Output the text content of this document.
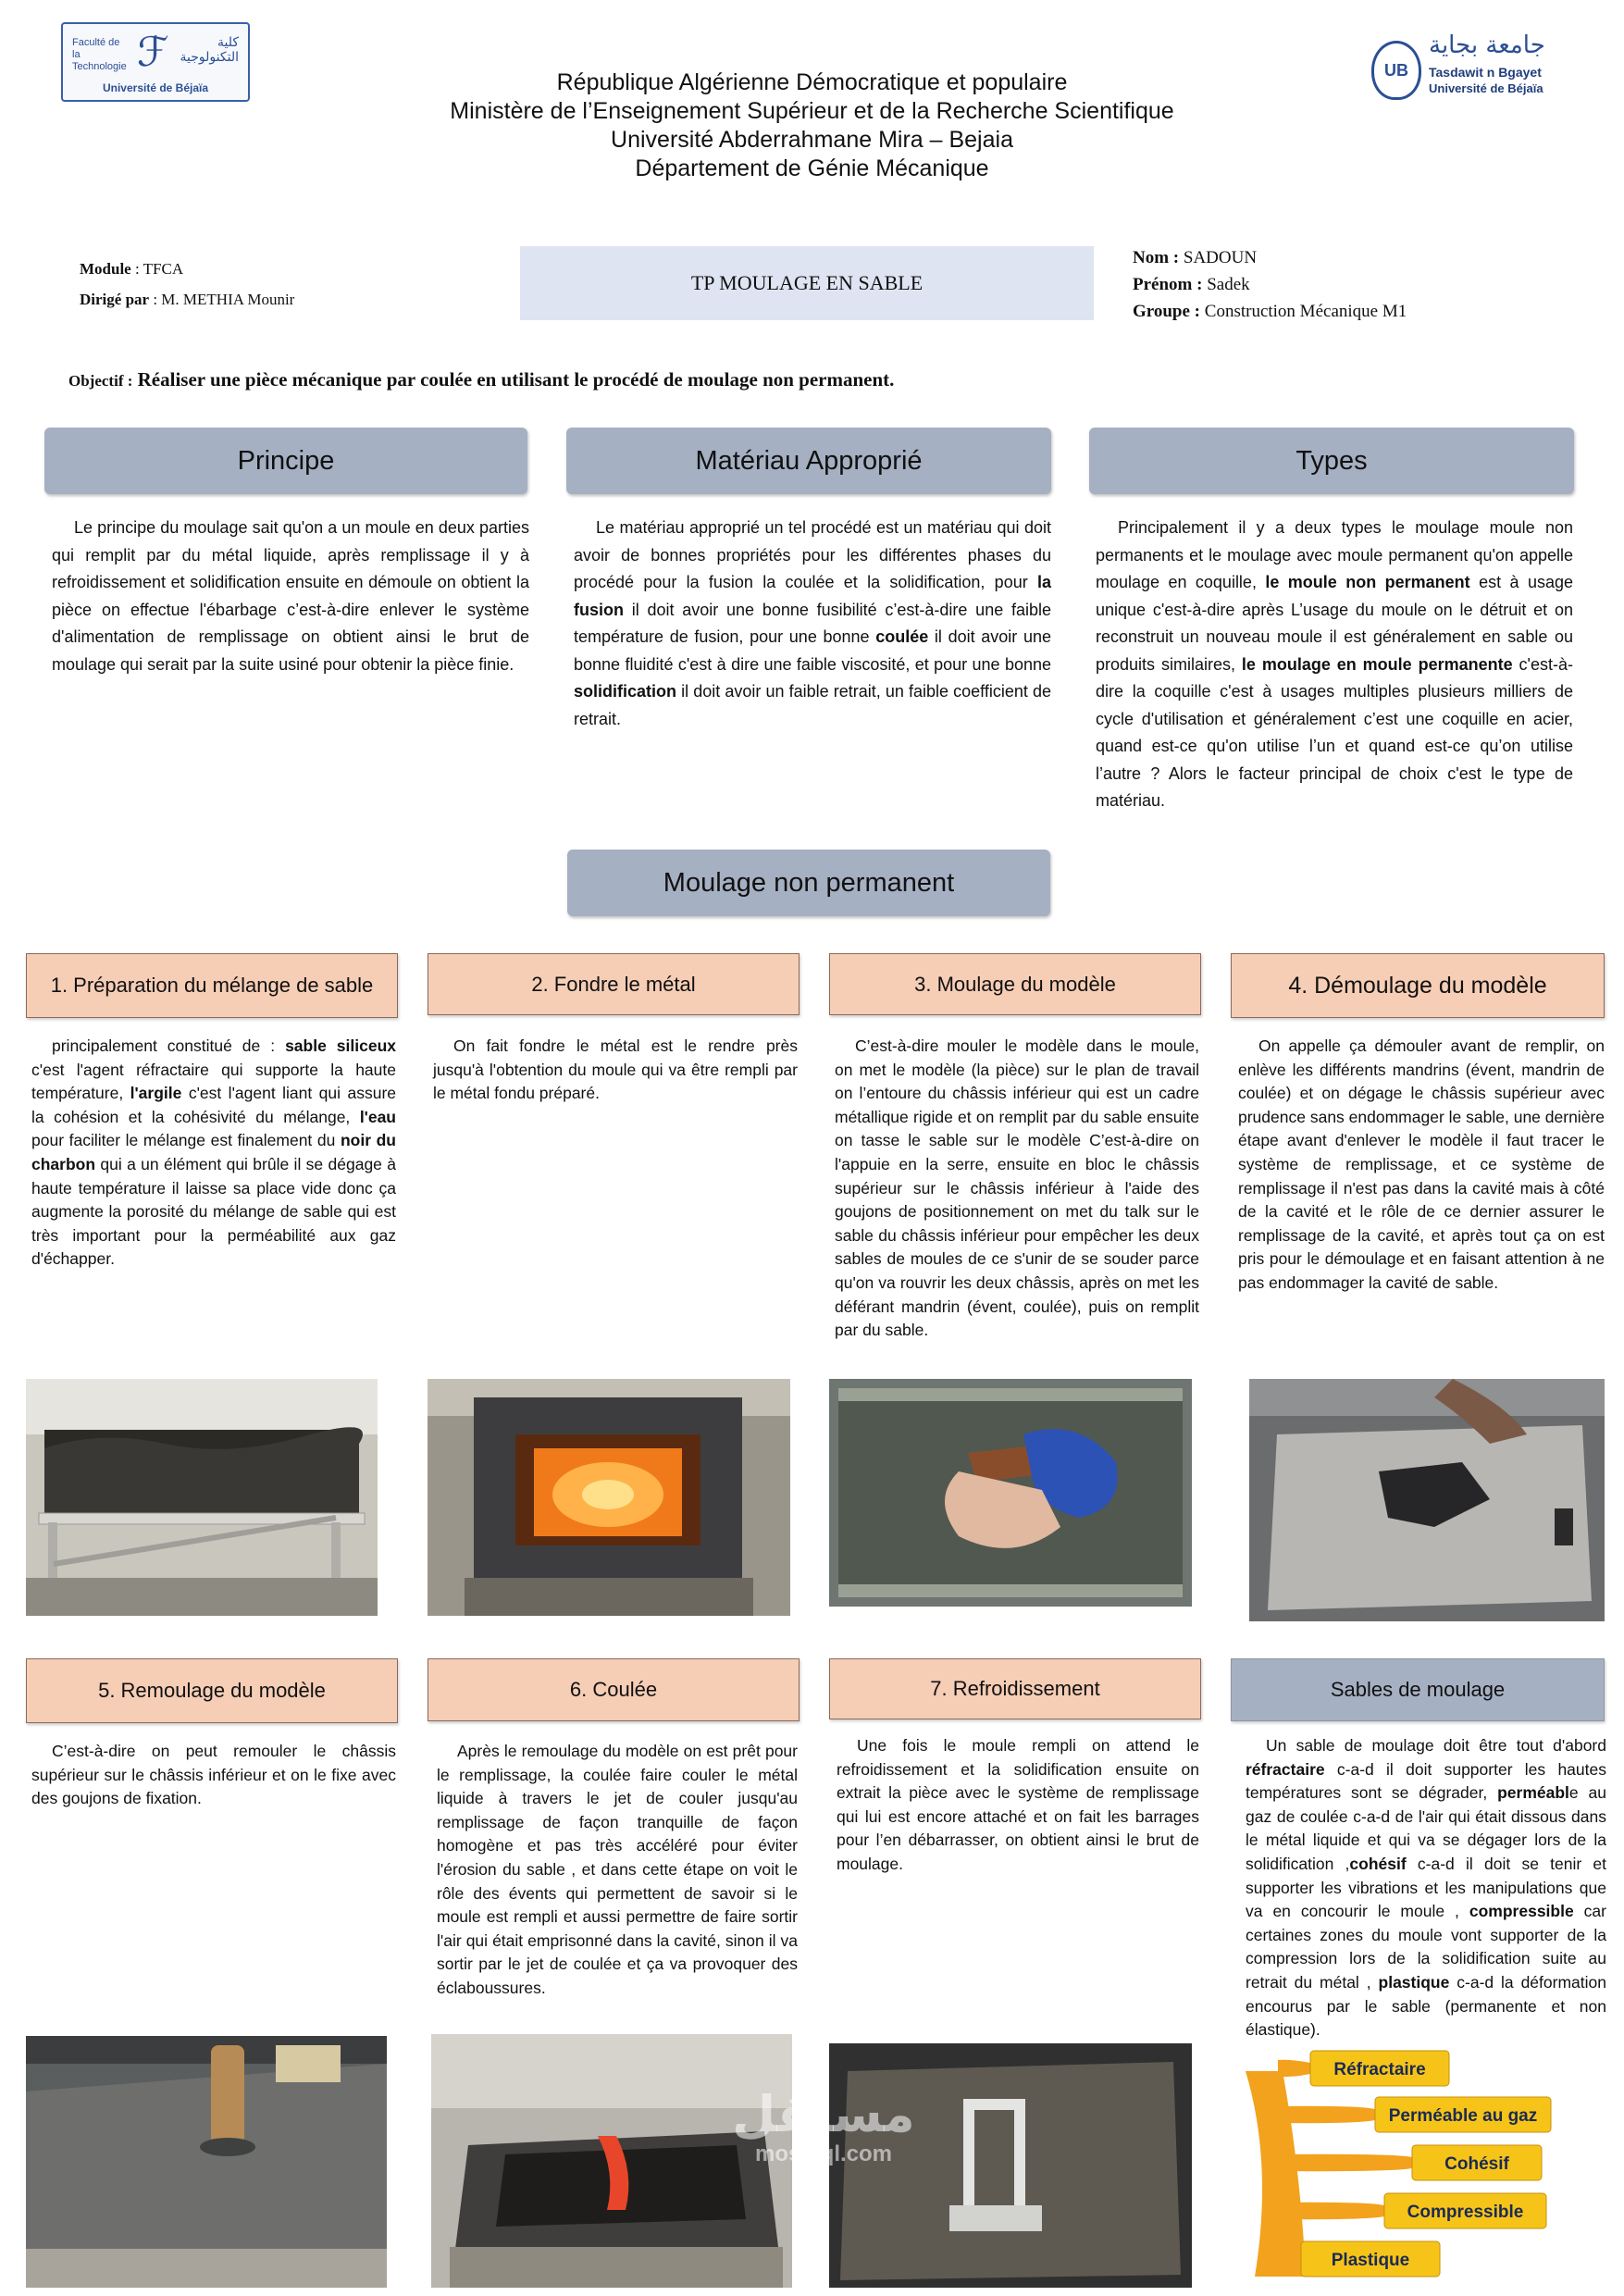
Faculté de la
Technologie ℱ	كلية
التكنولوجية
Université de Béjaïa
UB
جامعة بجاية
Tasdawit n Bgayet
Université de Béjaïa
République Algérienne Démocratique et populaire
Ministère de l’Enseignement Supérieur et de la Recherche Scientifique
Université Abderrahmane Mira – Bejaia
Département de Génie Mécanique
Module : TFCA
Dirigé par : M. METHIA Mounir
TP MOULAGE EN SABLE
Nom : SADOUN
Prénom : Sadek
Groupe : Construction Mécanique M1
Objectif : Réaliser une pièce mécanique par coulée en utilisant le procédé de moulage non permanent.
Principe	Matériau Approprié	Types
Le principe du moulage sait qu'on a un moule en deux parties qui remplit par du métal liquide, après remplissage il y à refroidissement et solidification ensuite en démoule on obtient la pièce on effectue l'ébarbage c’est-à-dire enlever le système d'alimentation de remplissage on obtient ainsi le brut de moulage qui serait par la suite usiné pour obtenir la pièce finie.
Le matériau approprié un tel procédé est un matériau qui doit avoir de bonnes propriétés pour les différentes phases du procédé pour la fusion la coulée et la solidification, pour la fusion il doit avoir une bonne fusibilité c’est-à-dire une faible température de fusion, pour une bonne coulée il doit avoir une bonne fluidité c'est à dire une faible viscosité, et pour une bonne solidification il doit avoir un faible retrait, un faible coefficient de retrait.
Principalement il y a deux types le moulage moule non permanents et le moulage avec moule permanent qu'on appelle moulage en coquille, le moule non permanent est à usage unique c'est-à-dire après L’usage du moule on le détruit et on reconstruit un nouveau moule il est généralement en sable ou produits similaires, le moulage en moule permanente c'est-à-dire la coquille c'est à usages multiples plusieurs milliers de cycle d'utilisation et généralement c’est une coquille en acier, quand est-ce qu'on utilise l’un et quand est-ce qu’on utilise l’autre ? Alors le facteur principal de choix c'est le type de matériau.
Moulage non permanent
1. Préparation du mélange de sable	2. Fondre le métal	3. Moulage du modèle	4. Démoulage du modèle
principalement constitué de : sable siliceux c'est l'agent réfractaire qui supporte la haute température, l'argile c'est l'agent liant qui assure la cohésion et la cohésivité du mélange, l'eau pour faciliter le mélange est finalement du noir du charbon qui a un élément qui brûle il se dégage à haute température il laisse sa place vide donc ça augmente la porosité du mélange de sable qui est très important pour la perméabilité aux gaz d'échapper.
On fait fondre le métal est le rendre près jusqu'à l'obtention du moule qui va être rempli par le métal fondu préparé.
C’est-à-dire mouler le modèle dans le moule, on met le modèle (la pièce) sur le plan de travail on l’entoure du châssis inférieur qui est un cadre métallique rigide et on remplit par du sable ensuite on tasse le sable sur le modèle C’est-à-dire on l'appuie en la serre, ensuite en bloc le châssis supérieur sur le châssis inférieur à l'aide des goujons de positionnement on met du talk sur le sable du châssis inférieur pour empêcher les deux sables de moules de ce s'unir de se souder parce qu'on va rouvrir les deux châssis, après on met les déférant mandrin (évent, coulée), puis on remplit par du sable.
On appelle ça démouler avant de remplir, on enlève les différents mandrins (évent, mandrin de coulée) et on dégage le châssis supérieur avec prudence sans endommager le sable, une dernière étape avant d'enlever le modèle il faut tracer le système de remplissage, et ce système de remplissage il n'est pas dans la cavité mais à côté de la cavité et le rôle de ce dernier assurer le remplissage de la cavité, et après tout ça on est pris pour le démoulage et en faisant attention à ne pas endommager la cavité de sable.
5. Remoulage du modèle	6. Coulée	7. Refroidissement	Sables de moulage
C’est-à-dire on peut remouler le châssis supérieur sur le châssis inférieur et on le fixe avec des goujons de fixation.
Après le remoulage du modèle on est prêt pour le remplissage, la coulée faire couler le métal liquide à travers le jet de couler jusqu'au remplissage de façon tranquille de façon homogène et pas très accéléré pour éviter l'érosion du sable , et dans cette étape on voit le rôle des évents qui permettent de savoir si le moule est rempli et aussi permettre de faire sortir l'air qui était emprisonné dans la cavité, sinon il va sortir par le jet de coulée et ça va provoquer des éclaboussures.
Une fois le moule rempli on attend le refroidissement et la solidification ensuite on extrait la pièce avec le système de remplissage qui lui est encore attaché et on fait les barrages pour l’en débarrasser, on obtient ainsi le brut de moulage.
Un sable de moulage doit être tout d'abord réfractaire c-a-d il doit supporter les hautes températures sont se dégrader, perméable au gaz de coulée c-a-d de l'air qui était dissous dans le métal liquide et qui va se dégager lors de la solidification ,cohésif c-a-d il doit se tenir et supporter les vibrations et les manipulations que va en concourir le moule , compressible car certaines zones du moule vont supporter de la compression lors de la solidification suite au retrait du métal , plastique c-a-d la déformation encourus par le sable (permanente et non élastique).
مستقل
mostaql.com
Réfractaire
Perméable au gaz
Cohésif
Compressible
Plastique
